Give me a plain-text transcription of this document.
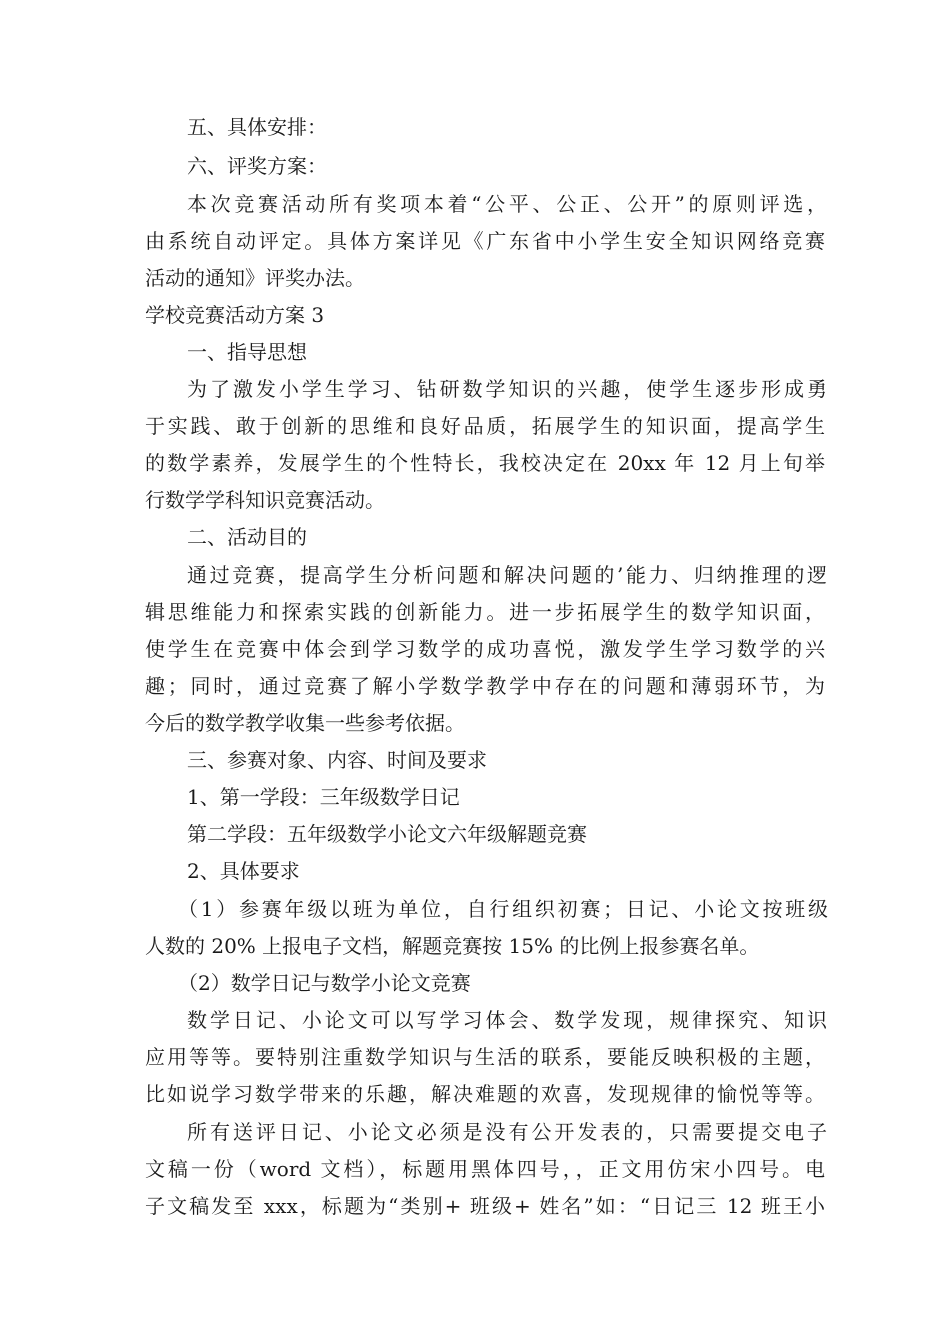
五、具体安排：
六、评奖方案：
本次竞赛活动所有奖项本着“公平、公正、公开”的原则评选，
由系统自动评定。具体方案详见《广东省中小学生安全知识网络竞赛
活动的通知》评奖办法。
学校竞赛活动方案 3
一、指导思想
为了激发小学生学习、钻研数学知识的兴趣，使学生逐步形成勇
于实践、敢于创新的思维和良好品质，拓展学生的知识面，提高学生
的数学素养，发展学生的个性特长，我校决定在 20xx 年 12 月上旬举
行数学学科知识竞赛活动。
二、活动目的
通过竞赛，提高学生分析问题和解决问题的’能力、归纳推理的逻
辑思维能力和探索实践的创新能力。进一步拓展学生的数学知识面，
使学生在竞赛中体会到学习数学的成功喜悦，激发学生学习数学的兴
趣；同时，通过竞赛了解小学数学教学中存在的问题和薄弱环节，为
今后的数学教学收集一些参考依据。
三、参赛对象、内容、时间及要求
1、第一学段：三年级数学日记
第二学段：五年级数学小论文六年级解题竞赛
2、具体要求
（1）参赛年级以班为单位，自行组织初赛；日记、小论文按班级
人数的 20% 上报电子文档，解题竞赛按 15% 的比例上报参赛名单。
（2）数学日记与数学小论文竞赛
数学日记、小论文可以写学习体会、数学发现，规律探究、知识
应用等等。要特别注重数学知识与生活的联系，要能反映积极的主题，
比如说学习数学带来的乐趣，解决难题的欢喜，发现规律的愉悦等等。
所有送评日记、小论文必须是没有公开发表的，只需要提交电子
文稿一份（word 文档），标题用黑体四号，，正文用仿宋小四号。电
子文稿发至 xxx，标题为“类别+ 班级+ 姓名”如：“日记三 12 班王小
